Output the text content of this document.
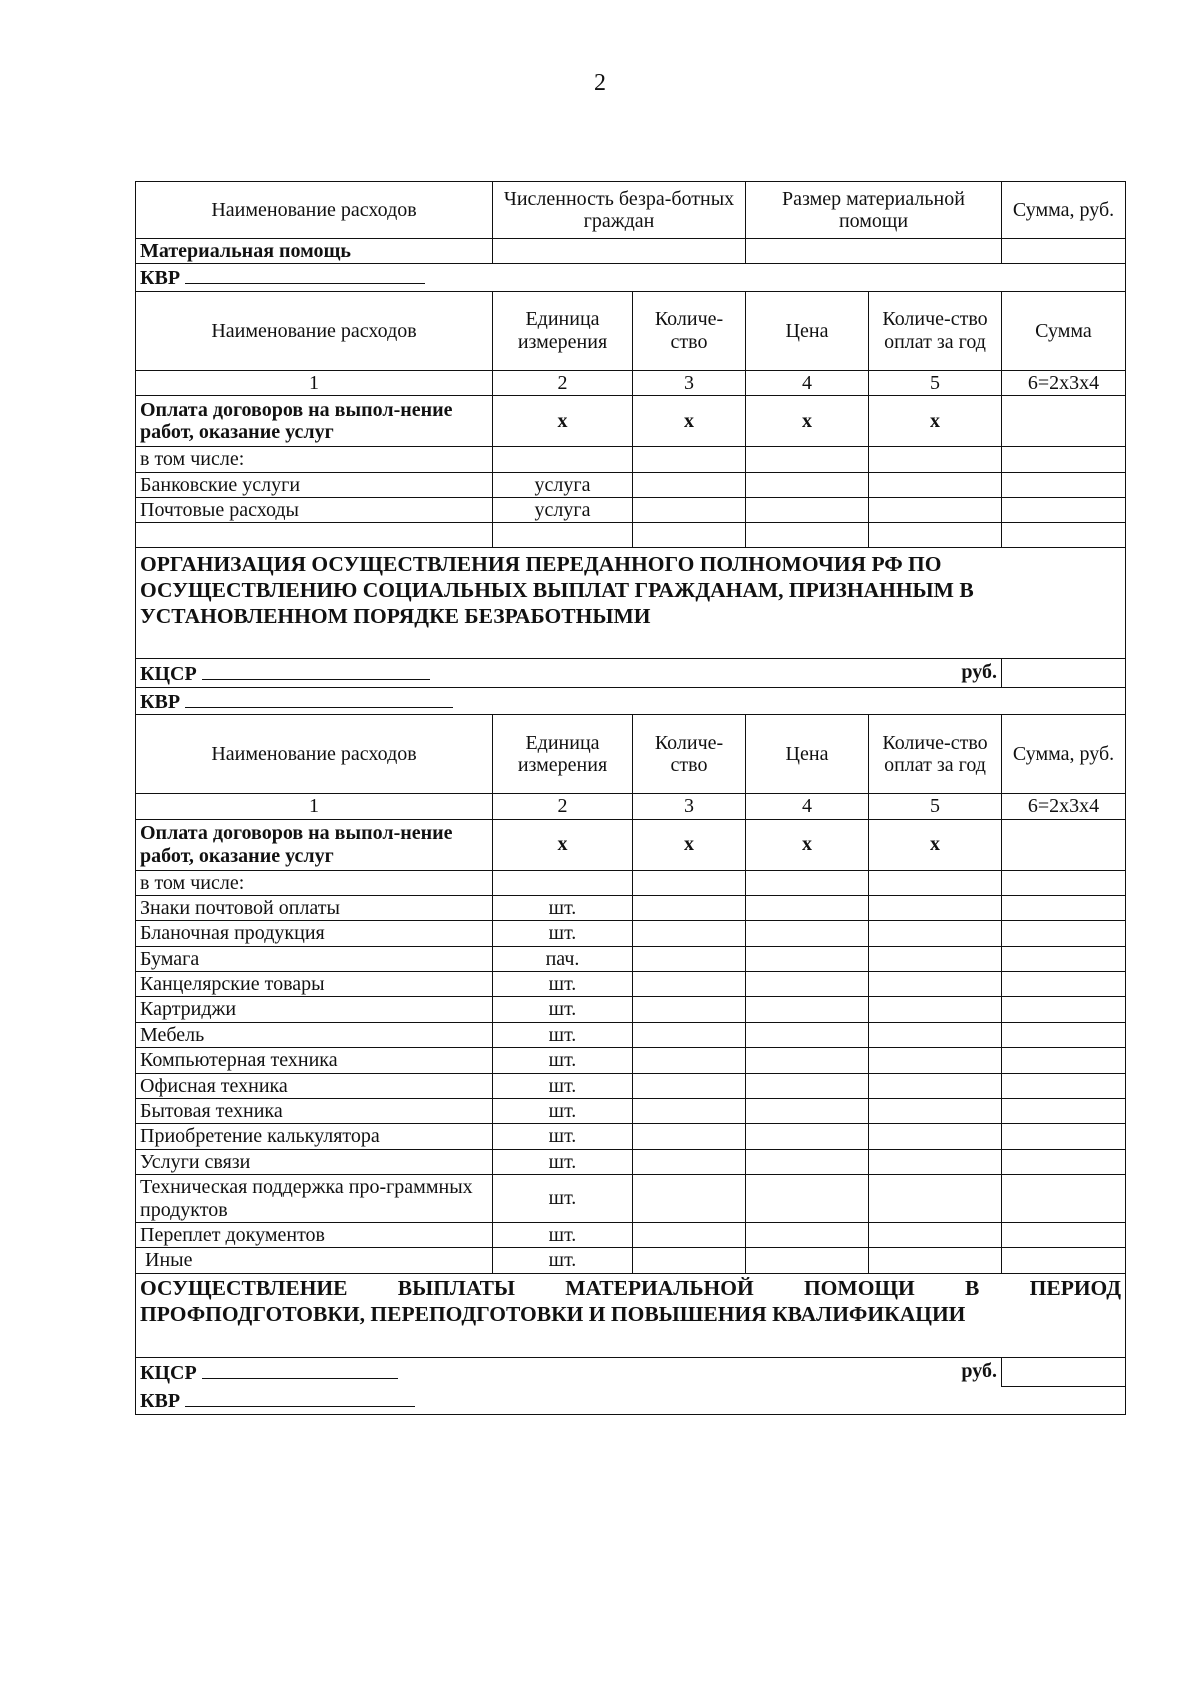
2
Наименование расходов	Численность безра-ботных граждан		Размер материальной помощи		Сумма, руб.
Материальная помощь					
КВР					
Наименование расходов	Единица измерения	Количе-ство	Цена	Количе-ство оплат за год	Сумма
1	2	3	4	5	6=2х3х4
Оплата договоров на выпол-нение работ, оказание услуг	х	х	х	х	
в том числе:					
Банковские услуги	услуга				
Почтовые расходы	услуга				

ОРГАНИЗАЦИЯ ОСУЩЕСТВЛЕНИЯ ПЕРЕДАННОГО ПОЛНОМОЧИЯ РФ ПО ОСУЩЕСТВЛЕНИЮ СОЦИАЛЬНЫХ ВЫПЛАТ ГРАЖДАНАМ, ПРИЗНАННЫМ В УСТАНОВЛЕННОМ ПОРЯДКЕ БЕЗРАБОТНЫМИ					
КЦСР руб.					

КВР					
Наименование расходов	Единица измерения	Количе-ство	Цена	Количе-ство оплат за год	Сумма, руб.
1	2	3	4	5	6=2х3х4
Оплата договоров на выпол-нение работ, оказание услуг	х	х	х	х	
в том числе:					
Знаки почтовой оплаты	шт.				
Бланочная продукция	шт.				
Бумага	пач.				
Канцелярские товары	шт.				
Картриджи	шт.				
Мебель	шт.				
Компьютерная техника	шт.				
Офисная техника	шт.				
Бытовая техника	шт.				
Приобретение калькулятора	шт.				
Услуги связи	шт.				
Техническая поддержка про-граммных продуктов	шт.				
Переплет документов	шт.				
Иные	шт.				

ОСУЩЕСТВЛЕНИЕ ВЫПЛАТЫ МАТЕРИАЛЬНОЙ ПОМОЩИ В ПЕРИОД
ПРОФПОДГОТОВКИ, ПЕРЕПОДГОТОВКИ И ПОВЫШЕНИЯ КВАЛИФИКАЦИИ					

КЦСР руб.					

КВР					
